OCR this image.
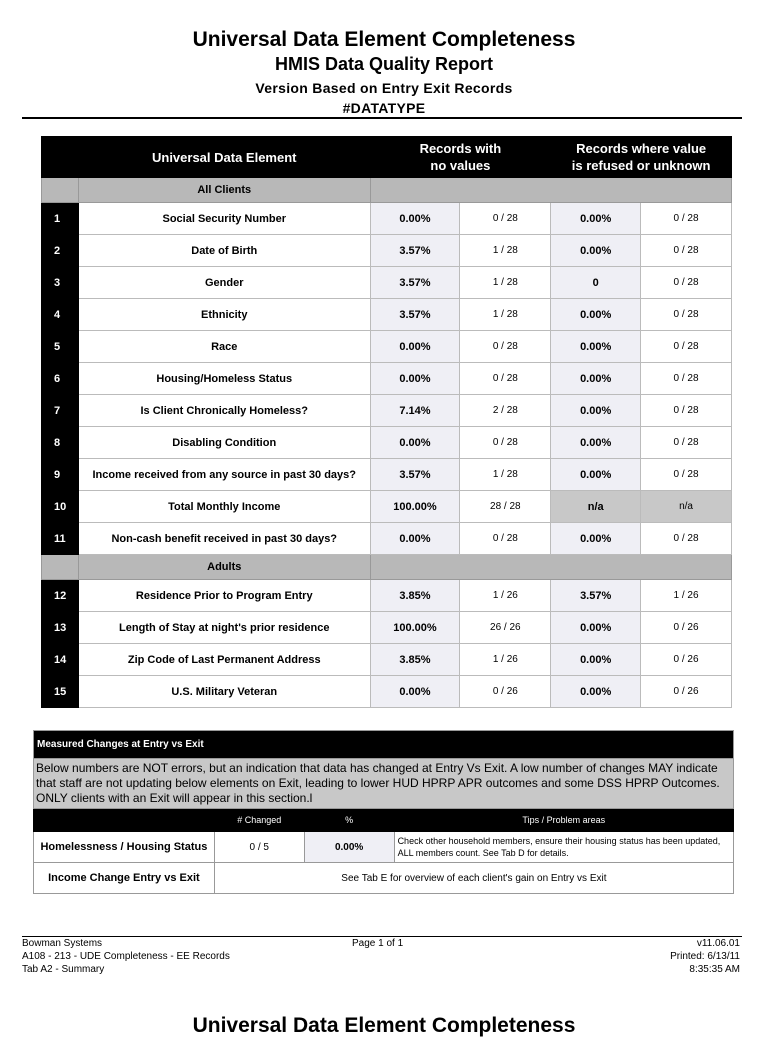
Universal Data Element Completeness
HMIS Data Quality Report
Version Based on Entry Exit Records
#DATATYPE
	Universal Data Element	Records with
no values		Records where value
is refused or unknown	
	All Clients				
1	Social Security Number	0.00%	0 / 28	0.00%	0 / 28
2	Date of Birth	3.57%	1 / 28	0.00%	0 / 28
3	Gender	3.57%	1 / 28	0	0 / 28
4	Ethnicity	3.57%	1 / 28	0.00%	0 / 28
5	Race	0.00%	0 / 28	0.00%	0 / 28
6	Housing/Homeless Status	0.00%	0 / 28	0.00%	0 / 28
7	Is Client Chronically Homeless?	7.14%	2 / 28	0.00%	0 / 28
8	Disabling Condition	0.00%	0 / 28	0.00%	0 / 28
9	Income received from any source in past 30 days?	3.57%	1 / 28	0.00%	0 / 28
10	Total Monthly Income	100.00%	28 / 28	n/a	n/a
11	Non-cash benefit received in past 30 days?	0.00%	0 / 28	0.00%	0 / 28
	Adults				
12	Residence Prior to Program Entry	3.85%	1 / 26	3.57%	1 / 26
13	Length of Stay at night's prior residence	100.00%	26 / 26	0.00%	0 / 26
14	Zip Code of Last Permanent Address	3.85%	1 / 26	0.00%	0 / 26
15	U.S. Military Veteran	0.00%	0 / 26	0.00%	0 / 26
Measured Changes at Entry vs Exit			
Below numbers are NOT errors, but an indication that data has changed at Entry Vs Exit. A low number of changes MAY indicate that staff are not updating below elements on Exit, leading to lower HUD HPRP APR outcomes and some DSS HPRP Outcomes. ONLY clients with an Exit will appear in this section.l			
	# Changed	%	Tips / Problem areas
Homelessness / Housing Status	0 / 5	0.00%	Check other household members, ensure their housing status has been updated, ALL members count. See Tab D for details.
Income Change Entry vs Exit	See Tab E for overview of each client's gain on Entry vs Exit		
Bowman Systems
A108 - 213 - UDE Completeness - EE Records
Tab A2 - Summary
Page 1 of 1	v11.06.01
Printed: 6/13/11
8:35:35 AM
Universal Data Element Completeness
